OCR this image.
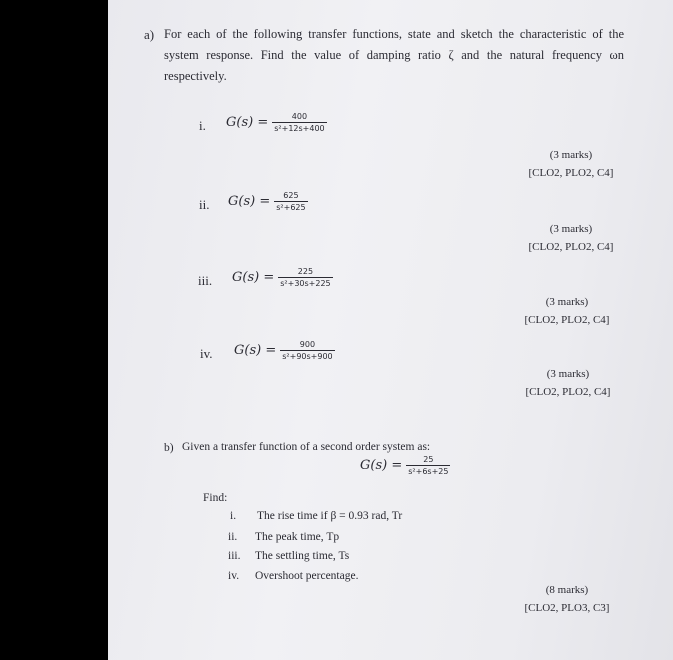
a) For each of the following transfer functions, state and sketch the characteristic of the system response. Find the value of damping ratio ζ and the natural frequency ωn respectively.
i. $G(s) = \frac{400}{\text{s²+12s+400}}$
(3 marks)
[CLO2, PLO2, C4]
ii. $G(s) = \frac{625}{\text{s²+625}}$
(3 marks)
[CLO2, PLO2, C4]
iii. $G(s) = \frac{225}{\text{s²+30s+225}}$
(3 marks)
[CLO2, PLO2, C4]
iv. $G(s) = \frac{900}{\text{s²+90s+900}}$
(3 marks)
[CLO2, PLO2, C4]
b) Given a transfer function of a second order system as:
$G(s) = \frac{25}{\text{s²+6s+25}}$
Find:
i.	The rise time if β = 0.93 rad, Tr
ii.	The peak time, Tp
iii.	The settling time, Ts
iv.	Overshoot percentage.
(8 marks)
[CLO2, PLO3, C3]
